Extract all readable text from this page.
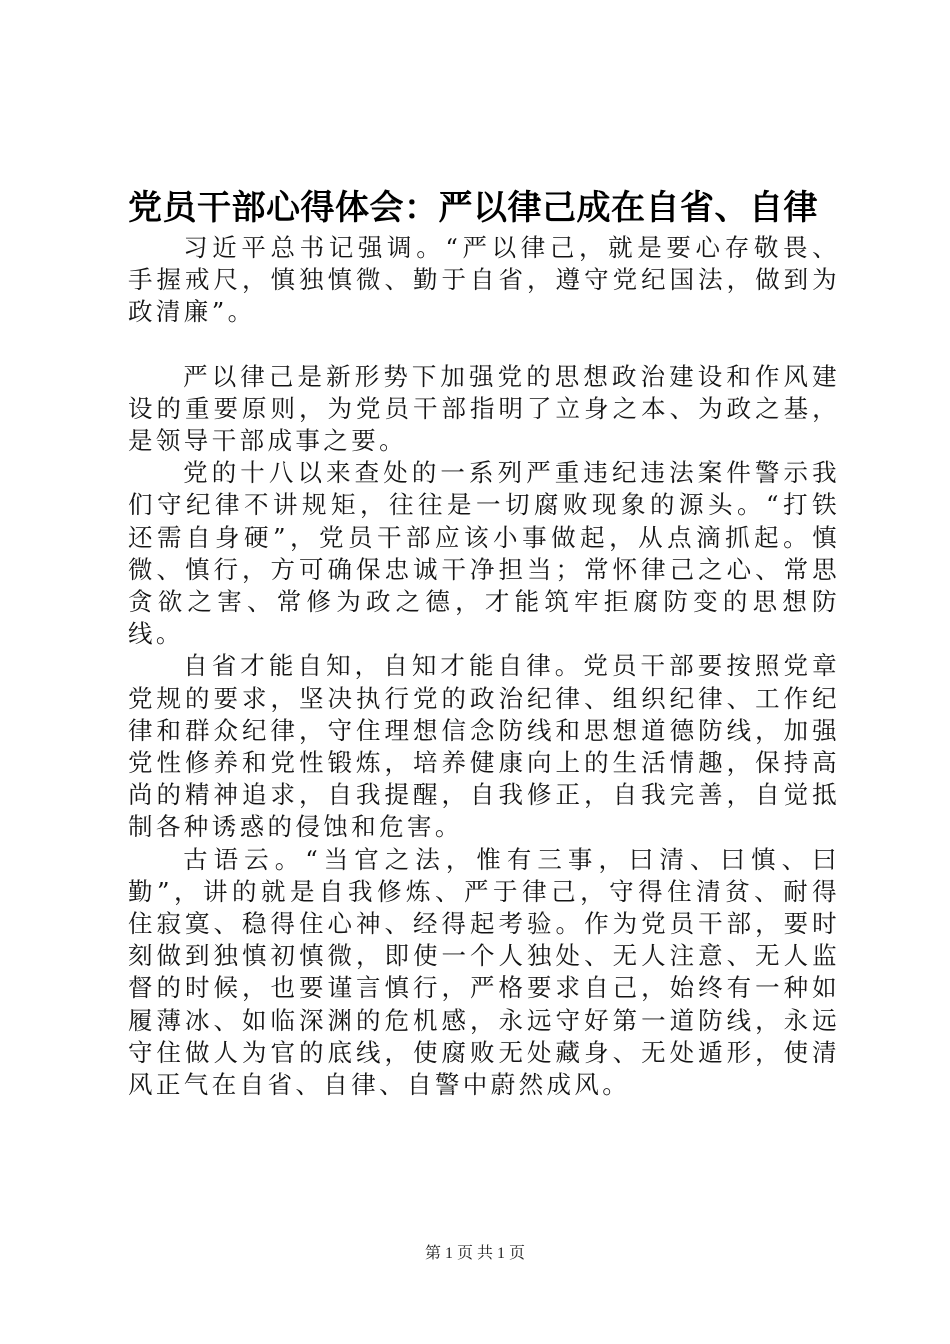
党员干部心得体会：严以律己成在自省、自律

习近平总书记强调。“严以律己，就是要心存敬畏、手握戒尺，慎独慎微、勤于自省，遵守党纪国法，做到为政清廉”。

严以律己是新形势下加强党的思想政治建设和作风建设的重要原则，为党员干部指明了立身之本、为政之基，是领导干部成事之要。

党的十八以来查处的一系列严重违纪违法案件警示我们守纪律不讲规矩，往往是一切腐败现象的源头。“打铁还需自身硬”，党员干部应该小事做起，从点滴抓起。慎微、慎行，方可确保忠诚干净担当；常怀律己之心、常思贪欲之害、常修为政之德，才能筑牢拒腐防变的思想防线。

自省才能自知，自知才能自律。党员干部要按照党章党规的要求，坚决执行党的政治纪律、组织纪律、工作纪律和群众纪律，守住理想信念防线和思想道德防线，加强党性修养和党性锻炼，培养健康向上的生活情趣，保持高尚的精神追求，自我提醒，自我修正，自我完善，自觉抵制各种诱惑的侵蚀和危害。

古语云。“当官之法，惟有三事，曰清、曰慎、曰勤”，讲的就是自我修炼、严于律己，守得住清贫、耐得住寂寞、稳得住心神、经得起考验。作为党员干部，要时刻做到独慎初慎微，即使一个人独处、无人注意、无人监督的时候，也要谨言慎行，严格要求自己，始终有一种如履薄冰、如临深渊的危机感，永远守好第一道防线，永远守住做人为官的底线，使腐败无处藏身、无处遁形，使清风正气在自省、自律、自警中蔚然成风。

第 1 页 共 1 页
